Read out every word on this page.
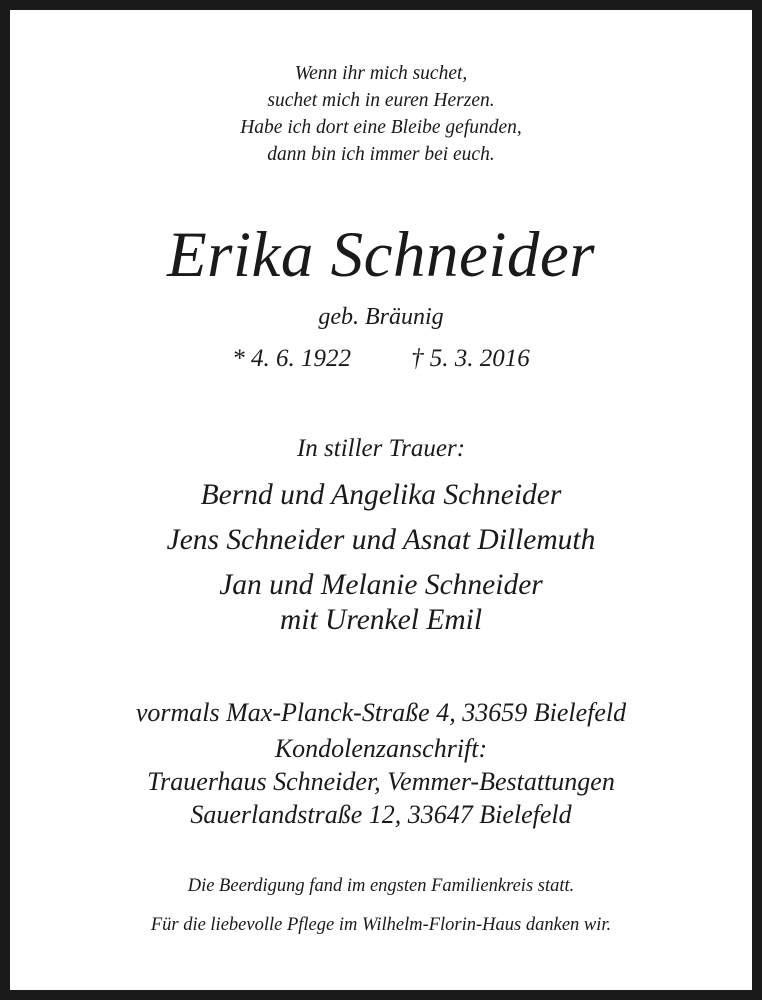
Wenn ihr mich suchet,
suchet mich in euren Herzen.
Habe ich dort eine Bleibe gefunden,
dann bin ich immer bei euch.
Erika Schneider
geb. Bräunig
* 4. 6. 1922 † 5. 3. 2016
In stiller Trauer:
Bernd und Angelika Schneider
Jens Schneider und Asnat Dillemuth
Jan und Melanie Schneider
mit Urenkel Emil
vormals Max-Planck-Straße 4, 33659 Bielefeld
Kondolenzanschrift:
Trauerhaus Schneider, Vemmer-Bestattungen
Sauerlandstraße 12, 33647 Bielefeld
Die Beerdigung fand im engsten Familienkreis statt.
Für die liebevolle Pflege im Wilhelm-Florin-Haus danken wir.
